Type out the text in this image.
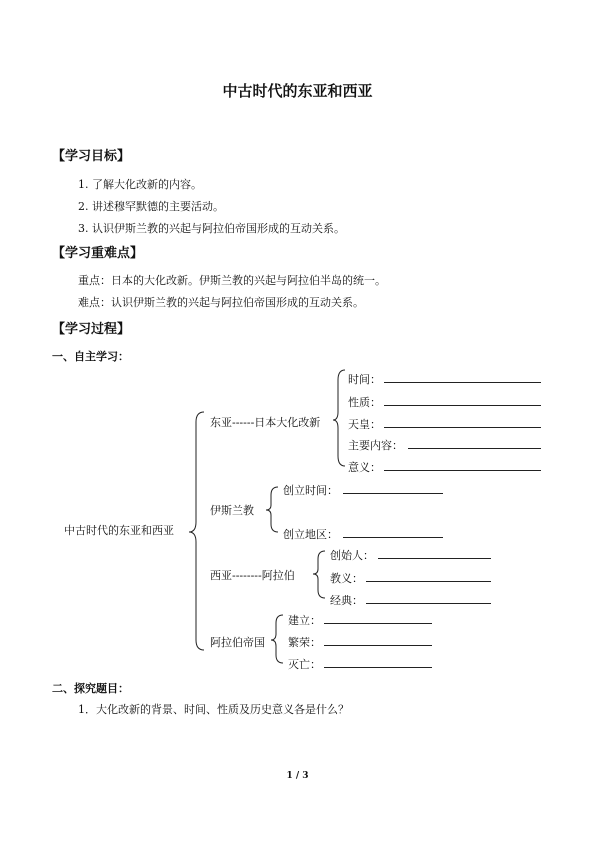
中古时代的东亚和西亚
【学习目标】
1. 了解大化改新的内容。
2. 讲述穆罕默德的主要活动。
3. 认识伊斯兰教的兴起与阿拉伯帝国形成的互动关系。
【学习重难点】
重点：日本的大化改新。伊斯兰教的兴起与阿拉伯半岛的统一。
难点：认识伊斯兰教的兴起与阿拉伯帝国形成的互动关系。
【学习过程】
一、自主学习：
中古时代的东亚和西亚
东亚------日本大化改新
时间：
性质：
天皇：
主要内容：
意义：
伊斯兰教
创立时间：
创立地区：
西亚--------阿拉伯
创始人：
教义：
经典：
阿拉伯帝国
建立：
繁荣：
灭亡：
二、探究题目：
1．大化改新的背景、时间、性质及历史意义各是什么？
1 / 3
